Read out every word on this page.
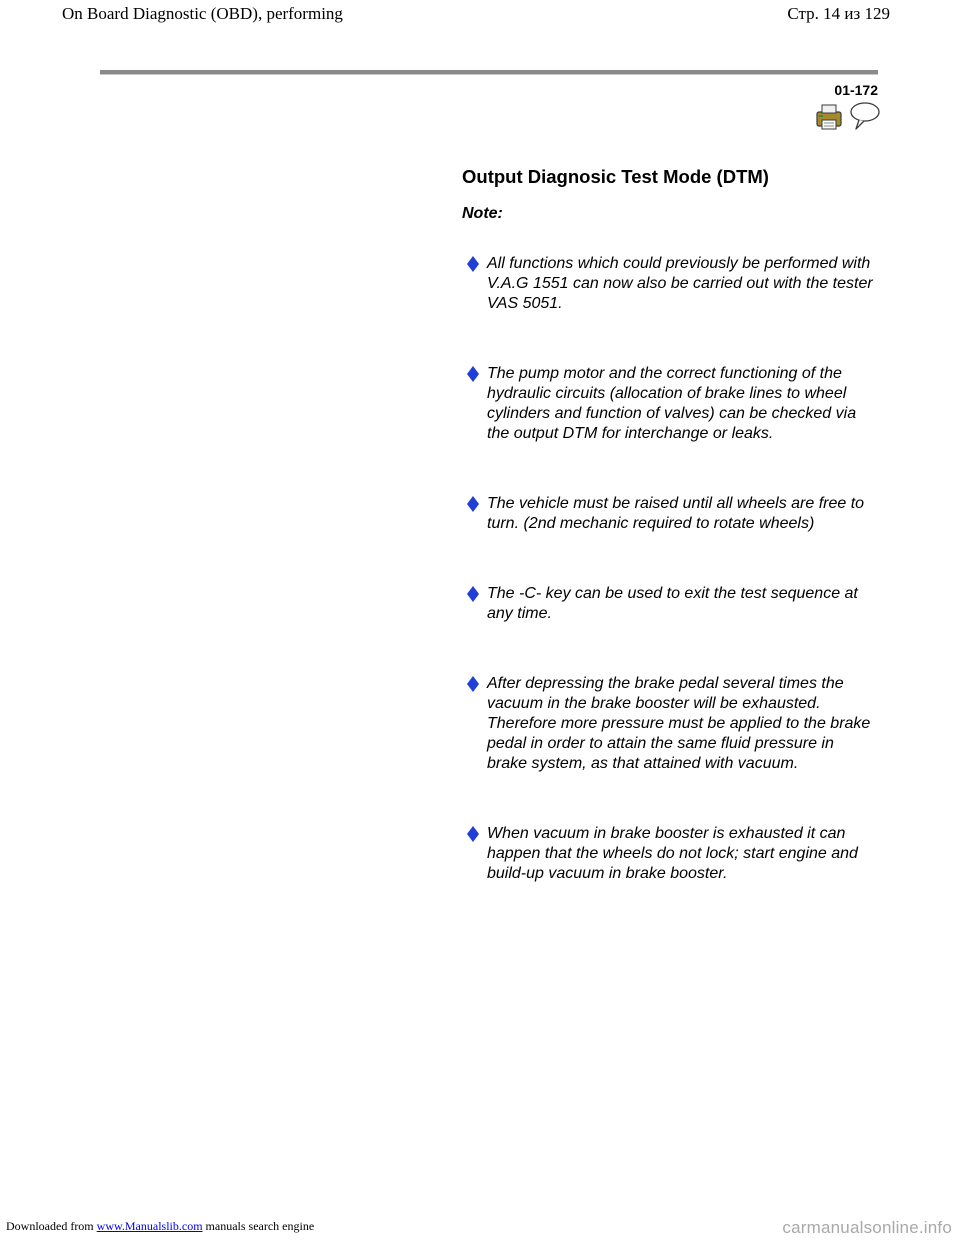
On Board Diagnostic (OBD), performing	Стр. 14 из 129
01-172
Output Diagnosic Test Mode (DTM)
Note:
All functions which could previously be performed with V.A.G 1551 can now also be carried out with the tester VAS 5051.
The pump motor and the correct functioning of the hydraulic circuits (allocation of brake lines to wheel cylinders and function of valves) can be checked via the output DTM for interchange or leaks.
The vehicle must be raised until all wheels are free to turn. (2nd mechanic required to rotate wheels)
The -C- key can be used to exit the test sequence at any time.
After depressing the brake pedal several times the vacuum in the brake booster will be exhausted. Therefore more pressure must be applied to the brake pedal in order to attain the same fluid pressure in brake system, as that attained with vacuum.
When vacuum in brake booster is exhausted it can happen that the wheels do not lock; start engine and build-up vacuum in brake booster.
Downloaded from www.Manualslib.com manuals search engine	carmanualsonline.info
